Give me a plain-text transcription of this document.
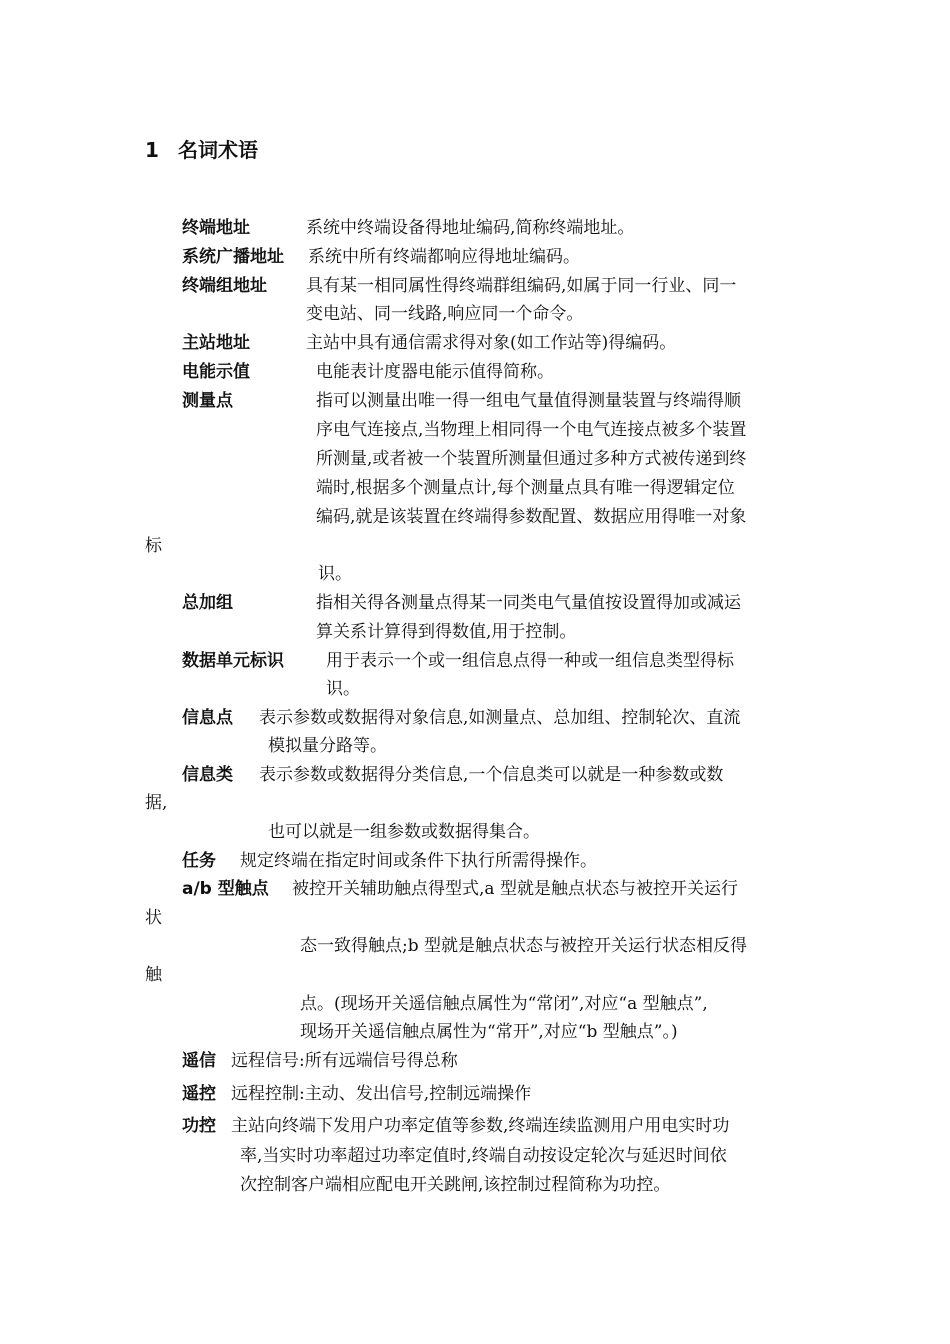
1 名词术语
终端地址	系统中终端设备得地址编码,简称终端地址。
系统广播地址 系统中所有终端都响应得地址编码。
终端组地址 具有某一相同属性得终端群组编码,如属于同一行业、同一
变电站、同一线路,响应同一个命令。
主站地址	主站中具有通信需求得对象(如工作站等)得编码。
电能示值	电能表计度器电能示值得简称。
测量点	指可以测量出唯一得一组电气量值得测量装置与终端得顺
序电气连接点,当物理上相同得一个电气连接点被多个装置
所测量,或者被一个装置所测量但通过多种方式被传递到终
端时,根据多个测量点计,每个测量点具有唯一得逻辑定位
编码,就是该装置在终端得参数配置、数据应用得唯一对象
标
识。
总加组	指相关得各测量点得某一同类电气量值按设置得加或减运
算关系计算得到得数值,用于控制。
数据单元标识 用于表示一个或一组信息点得一种或一组信息类型得标
识。
信息点 表示参数或数据得对象信息,如测量点、总加组、控制轮次、直流
模拟量分路等。
信息类 表示参数或数据得分类信息,一个信息类可以就是一种参数或数
据,
也可以就是一组参数或数据得集合。
任务 规定终端在指定时间或条件下执行所需得操作。
a/b 型触点 被控开关辅助触点得型式,a 型就是触点状态与被控开关运行
状
态一致得触点;b 型就是触点状态与被控开关运行状态相反得
触
点。(现场开关遥信触点属性为“常闭”,对应“a 型触点”,
现场开关遥信触点属性为“常开”,对应“b 型触点”。)
遥信 远程信号:所有远端信号得总称
遥控 远程控制:主动、发出信号,控制远端操作
功控 主站向终端下发用户功率定值等参数,终端连续监测用户用电实时功
率,当实时功率超过功率定值时,终端自动按设定轮次与延迟时间依
次控制客户端相应配电开关跳闸,该控制过程简称为功控。
